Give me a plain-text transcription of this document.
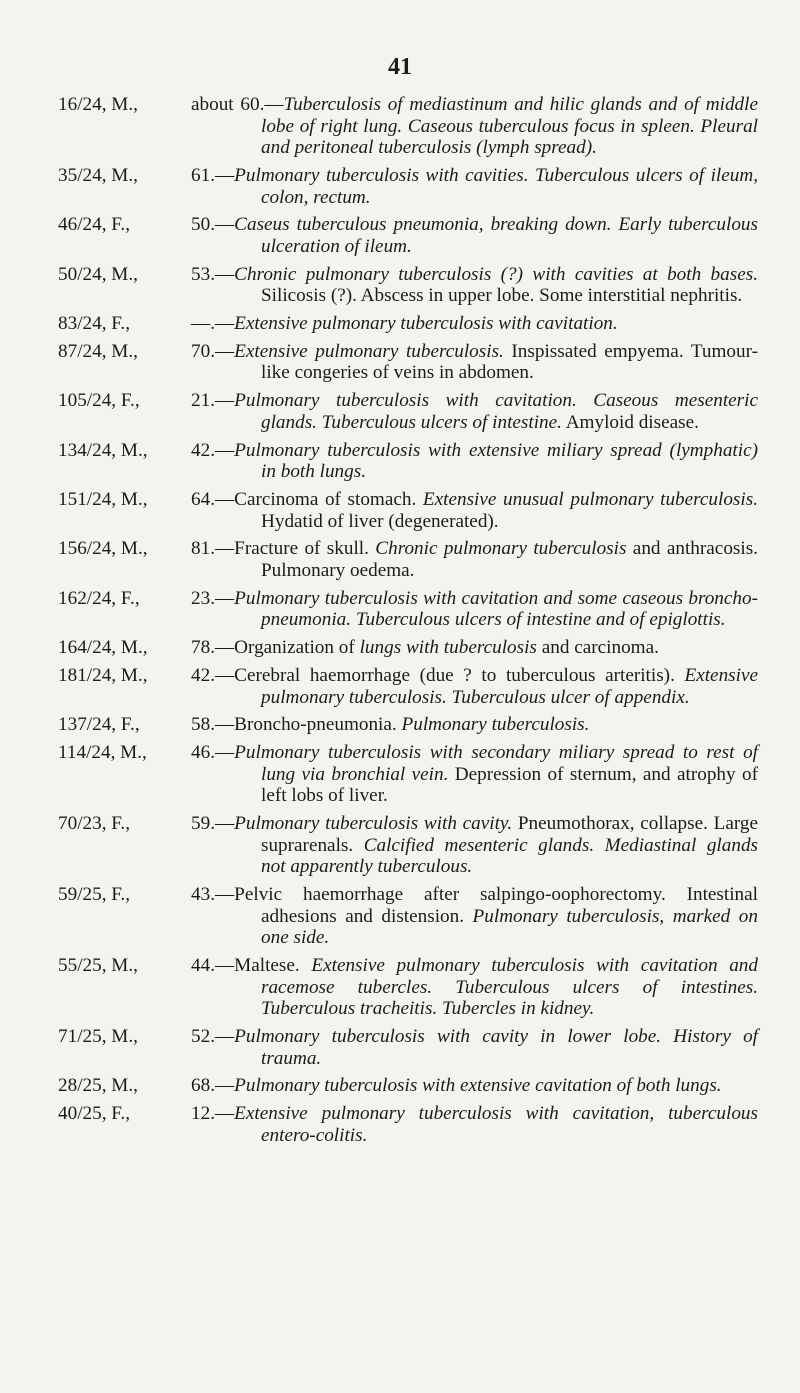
41
16/24, M.,	about 60.—Tuberculosis of mediastinum and hilic glands and of middle lobe of right lung. Caseous tuberculous focus in spleen. Pleural and peritoneal tuberculosis (lymph spread).
35/24, M.,	61.—Pulmonary tuberculosis with cavities. Tuberculous ulcers of ileum, colon, rectum.
46/24, F.,	50.—Caseus tuberculous pneumonia, breaking down. Early tuberculous ulceration of ileum.
50/24, M.,	53.—Chronic pulmonary tuberculosis (?) with cavities at both bases. Silicosis (?). Abscess in upper lobe. Some interstitial nephritis.
83/24, F.,	—.—Extensive pulmonary tuberculosis with cavitation.
87/24, M.,	70.—Extensive pulmonary tuberculosis. Inspissated empyema. Tumour-like congeries of veins in abdomen.
105/24, F.,	21.—Pulmonary tuberculosis with cavitation. Caseous mesenteric glands. Tuberculous ulcers of intestine. Amyloid disease.
134/24, M.,	42.—Pulmonary tuberculosis with extensive miliary spread (lymphatic) in both lungs.
151/24, M.,	64.—Carcinoma of stomach. Extensive unusual pulmonary tuberculosis. Hydatid of liver (degenerated).
156/24, M.,	81.—Fracture of skull. Chronic pulmonary tuberculosis and anthracosis. Pulmonary oedema.
162/24, F.,	23.—Pulmonary tuberculosis with cavitation and some caseous broncho-pneumonia. Tuberculous ulcers of intestine and of epiglottis.
164/24, M.,	78.—Organization of lungs with tuberculosis and carcinoma.
181/24, M.,	42.—Cerebral haemorrhage (due ? to tuberculous arteritis). Extensive pulmonary tuberculosis. Tuberculous ulcer of appendix.
137/24, F.,	58.—Broncho-pneumonia. Pulmonary tuberculosis.
114/24, M.,	46.—Pulmonary tuberculosis with secondary miliary spread to rest of lung via bronchial vein. Depression of sternum, and atrophy of left lobs of liver.
70/23, F.,	59.—Pulmonary tuberculosis with cavity. Pneumothorax, collapse. Large suprarenals. Calcified mesenteric glands. Mediastinal glands not apparently tuberculous.
59/25, F.,	43.—Pelvic haemorrhage after salpingo-oophorectomy. Intestinal adhesions and distension. Pulmonary tuberculosis, marked on one side.
55/25, M.,	44.—Maltese. Extensive pulmonary tuberculosis with cavitation and racemose tubercles. Tuberculous ulcers of intestines. Tuberculous tracheitis. Tubercles in kidney.
71/25, M.,	52.—Pulmonary tuberculosis with cavity in lower lobe. History of trauma.
28/25, M.,	68.—Pulmonary tuberculosis with extensive cavitation of both lungs.
40/25, F.,	12.—Extensive pulmonary tuberculosis with cavitation, tuberculous entero-colitis.
